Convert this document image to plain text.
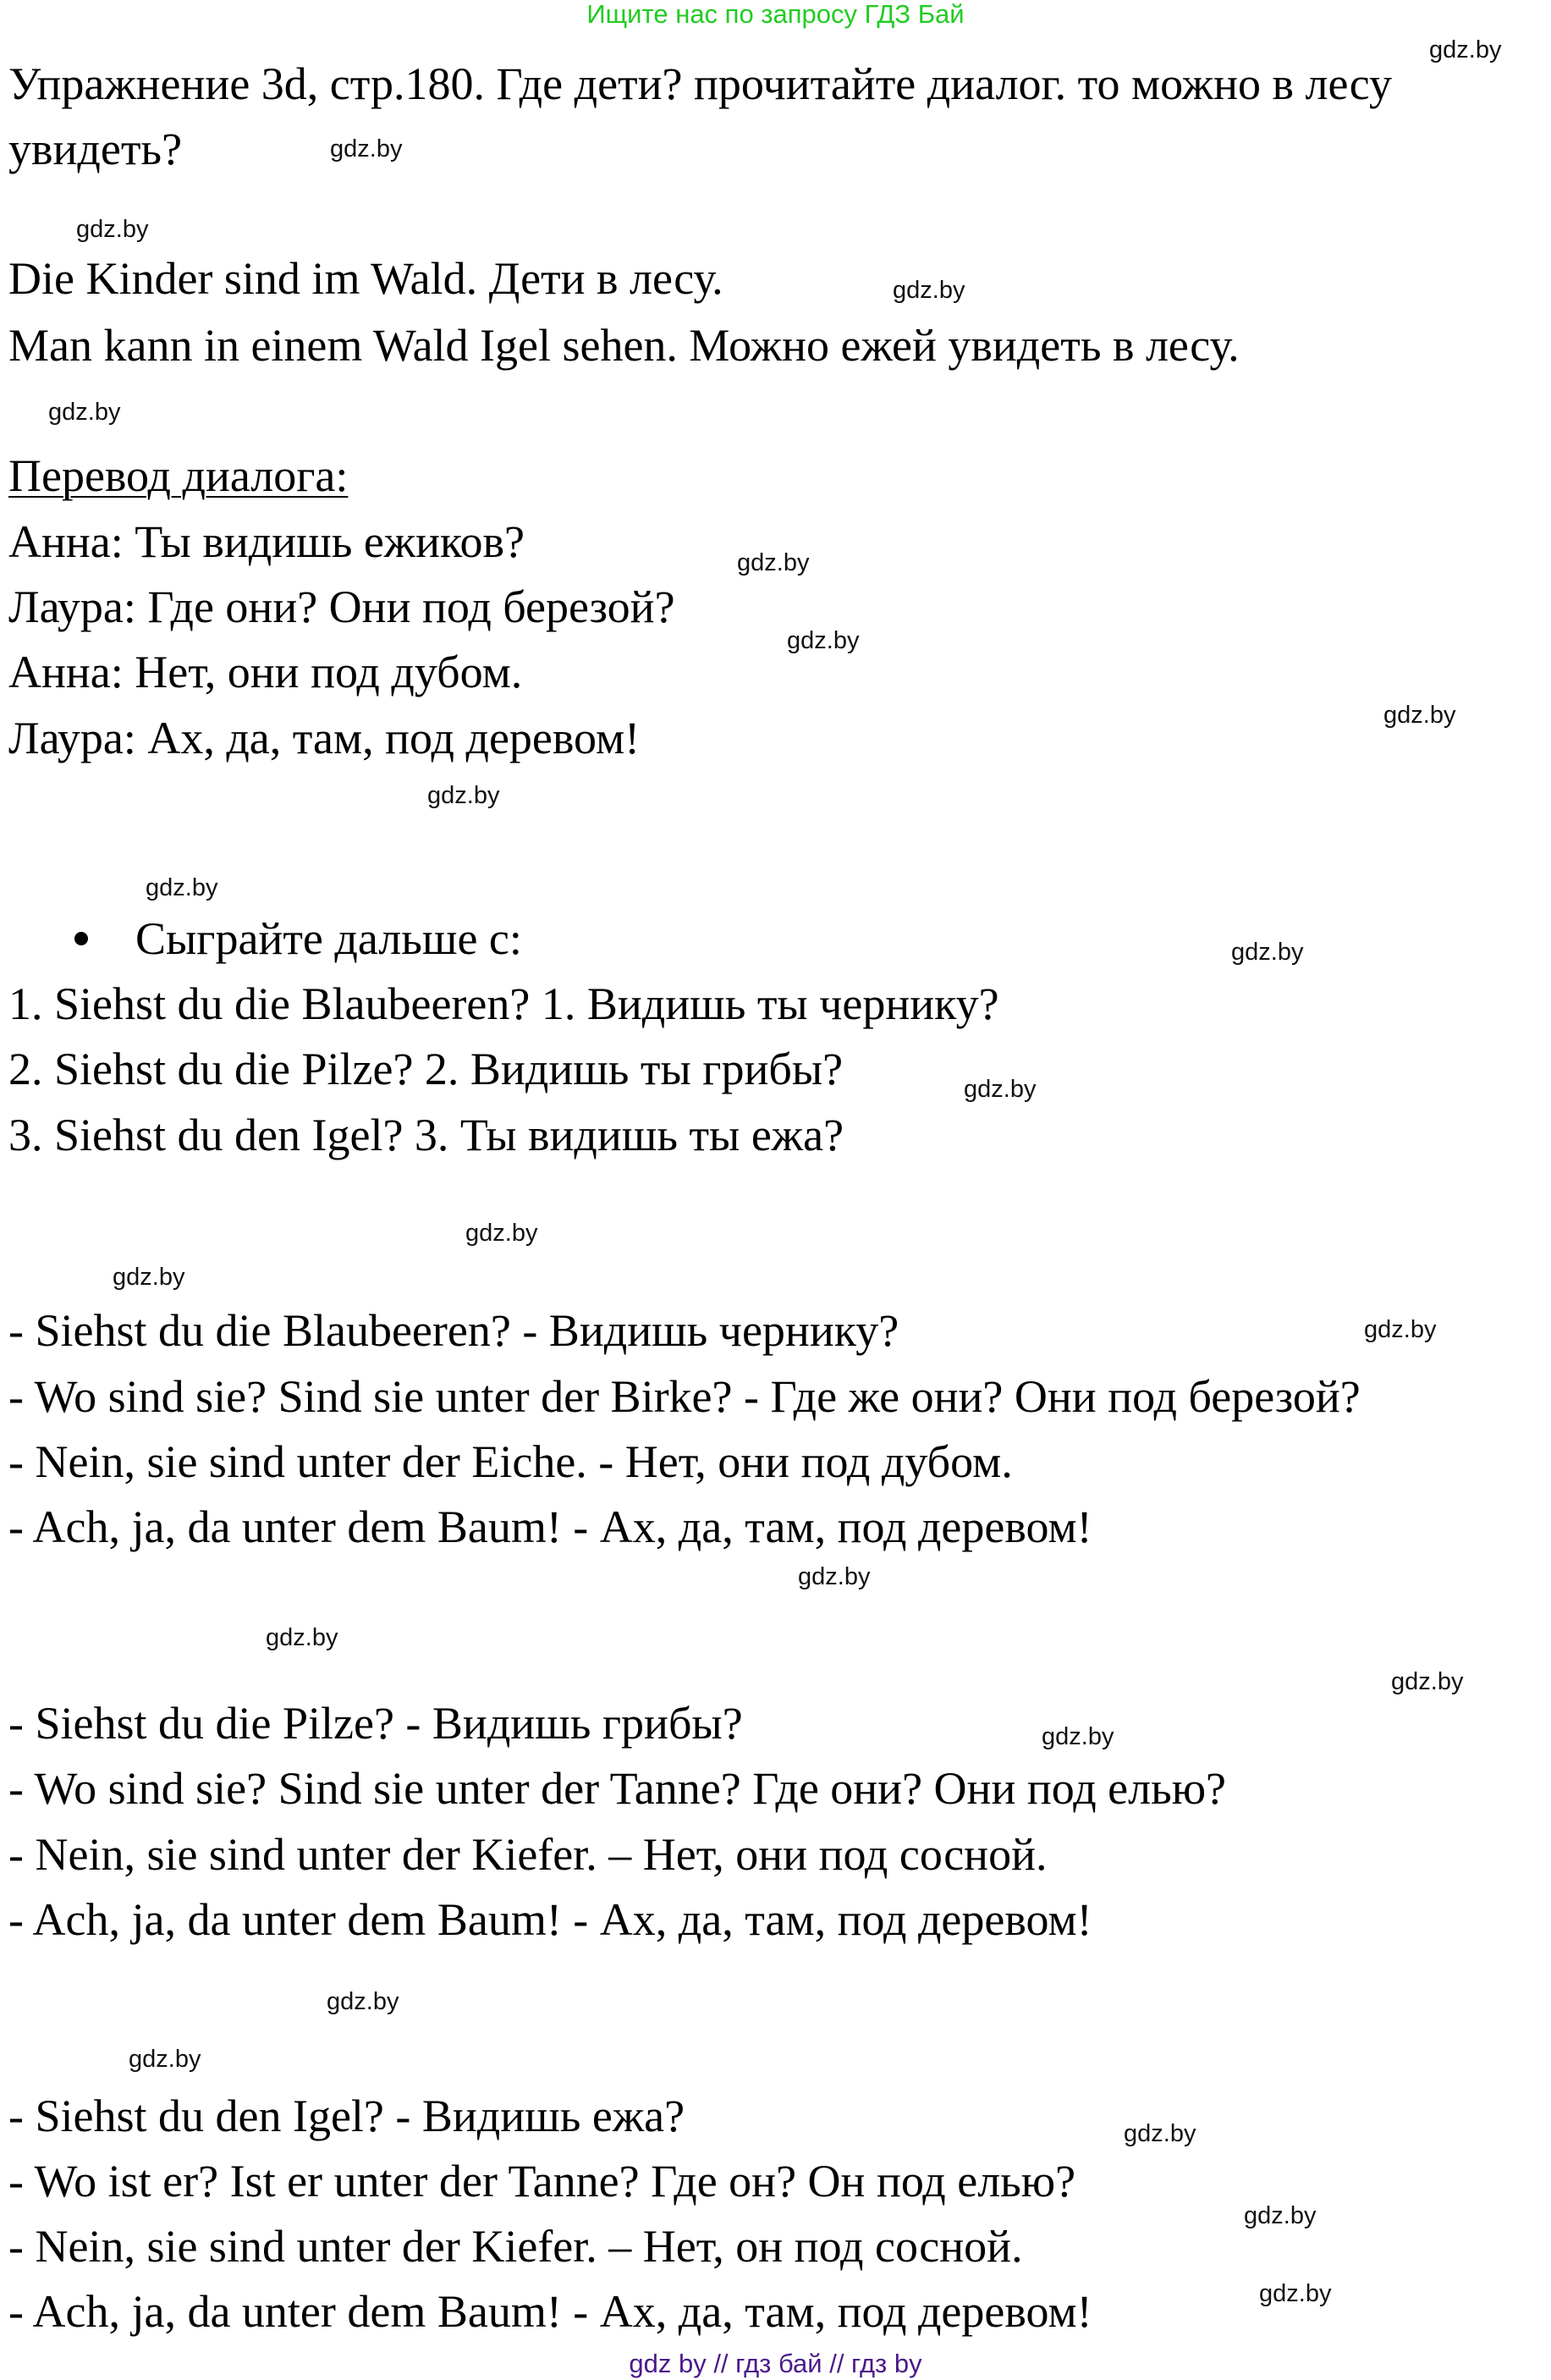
Ищите нас по запросу ГДЗ Бай
Упражнение 3d, стр.180. Где дети? прочитайте диалог. то можно в лесу
увидеть?
Die Kinder sind im Wald. Дети в лесу.
Man kann in einem Wald Igel sehen. Можно ежей увидеть в лесу.
Перевод диалога:
Анна: Ты видишь ежиков?
Лаура: Где они? Они под березой?
Анна: Нет, они под дубом.
Лаура: Ах, да, там, под деревом!
Сыграйте дальше с:
1. Siehst du die Blaubeeren? 1. Видишь ты чернику?
2. Siehst du die Pilze? 2. Видишь ты грибы?
3. Siehst du den Igel? 3. Ты видишь ты ежа?
- Siehst du die Blaubeeren? - Видишь чернику?
- Wo sind sie? Sind sie unter der Birke? - Где же они? Они под березой?
- Nein, sie sind unter der Eiche. - Нет, они под дубом.
- Ach, ja, da unter dem Baum! - Ах, да, там, под деревом!
- Siehst du die Pilze? - Видишь грибы?
- Wo sind sie? Sind sie unter der Tanne? Где они? Они под елью?
- Nein, sie sind unter der Kiefer. – Нет, они под сосной.
- Ach, ja, da unter dem Baum! - Ах, да, там, под деревом!
- Siehst du den Igel? - Видишь ежа?
- Wo ist er? Ist er unter der Tanne? Где он? Он под елью?
- Nein, sie sind unter der Kiefer. – Нет, он под сосной.
- Ach, ja, da unter dem Baum! - Ах, да, там, под деревом!
gdz.by
gdz.by
gdz.by
gdz.by
gdz.by
gdz.by
gdz.by
gdz.by
gdz.by
gdz.by
gdz.by
gdz.by
gdz.by
gdz.by
gdz.by
gdz.by
gdz.by
gdz.by
gdz.by
gdz.by
gdz.by
gdz.by
gdz.by
gdz.by
gdz by // гдз бай // гдз by
